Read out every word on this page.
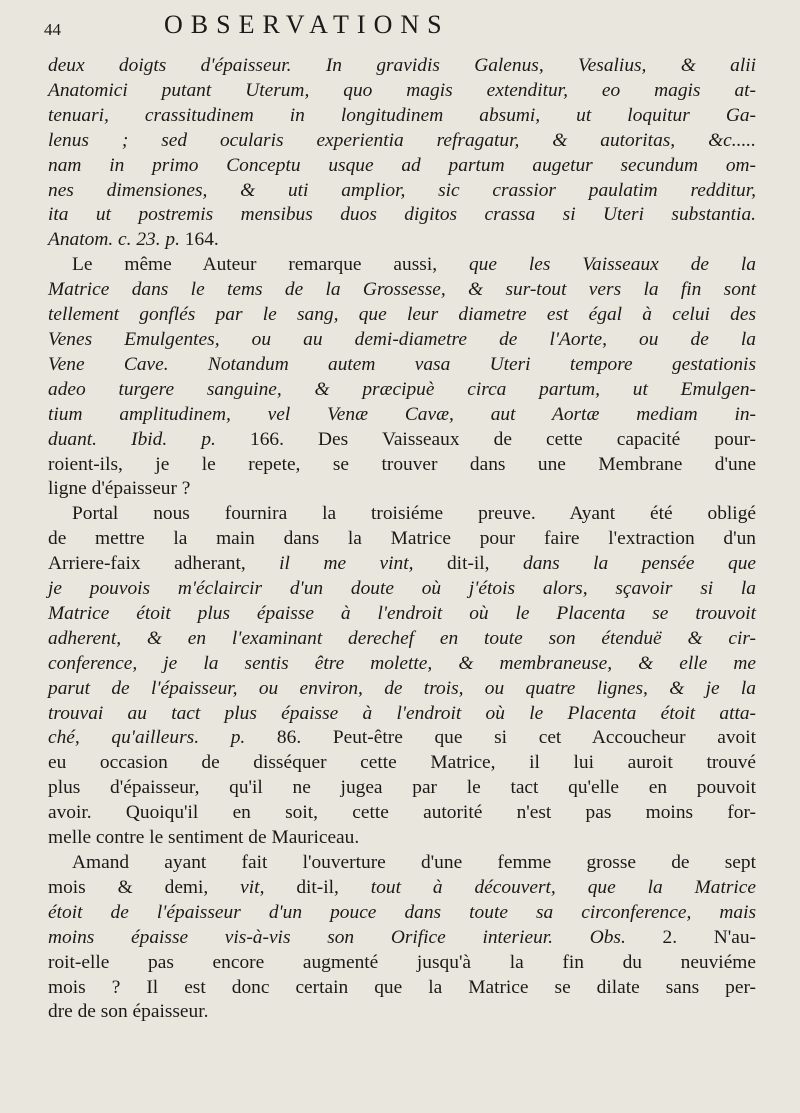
44	OBSERVATIONS
deux doigts d'épaisseur. In gravidis Galenus, Vesalius, & alii
Anatomici putant Uterum, quo magis extenditur, eo magis at-
tenuari, crassitudinem in longitudinem absumi, ut loquitur Ga-
lenus ; sed ocularis experientia refragatur, & autoritas, &c.....
nam in primo Conceptu usque ad partum augetur secundum om-
nes dimensiones, & uti amplior, sic crassior paulatim redditur,
ita ut postremis mensibus duos digitos crassa si Uteri substantia.
Anatom. c. 23. p. 164.
Le même Auteur remarque aussi, que les Vaisseaux de la
Matrice dans le tems de la Grossesse, & sur-tout vers la fin sont
tellement gonflés par le sang, que leur diametre est égal à celui des
Venes Emulgentes, ou au demi-diametre de l'Aorte, ou de la
Vene Cave. Notandum autem vasa Uteri tempore gestationis
adeo turgere sanguine, & præcipuè circa partum, ut Emulgen-
tium amplitudinem, vel Venæ Cavæ, aut Aortæ mediam in-
duant. Ibid. p. 166. Des Vaisseaux de cette capacité pour-
roient-ils, je le repete, se trouver dans une Membrane d'une
ligne d'épaisseur ?
Portal nous fournira la troisiéme preuve. Ayant été obligé
de mettre la main dans la Matrice pour faire l'extraction d'un
Arriere-faix adherant, il me vint, dit-il, dans la pensée que
je pouvois m'éclaircir d'un doute où j'étois alors, sçavoir si la
Matrice étoit plus épaisse à l'endroit où le Placenta se trouvoit
adherent, & en l'examinant derechef en toute son étenduë & cir-
conference, je la sentis être molette, & membraneuse, & elle me
parut de l'épaisseur, ou environ, de trois, ou quatre lignes, & je la
trouvai au tact plus épaisse à l'endroit où le Placenta étoit atta-
ché, qu'ailleurs. p. 86. Peut-être que si cet Accoucheur avoit
eu occasion de disséquer cette Matrice, il lui auroit trouvé
plus d'épaisseur, qu'il ne jugea par le tact qu'elle en pouvoit
avoir. Quoiqu'il en soit, cette autorité n'est pas moins for-
melle contre le sentiment de Mauriceau.
Amand ayant fait l'ouverture d'une femme grosse de sept
mois & demi, vit, dit-il, tout à découvert, que la Matrice
étoit de l'épaisseur d'un pouce dans toute sa circonference, mais
moins épaisse vis-à-vis son Orifice interieur. Obs. 2. N'au-
roit-elle pas encore augmenté jusqu'à la fin du neuviéme
mois ? Il est donc certain que la Matrice se dilate sans per-
dre de son épaisseur.
